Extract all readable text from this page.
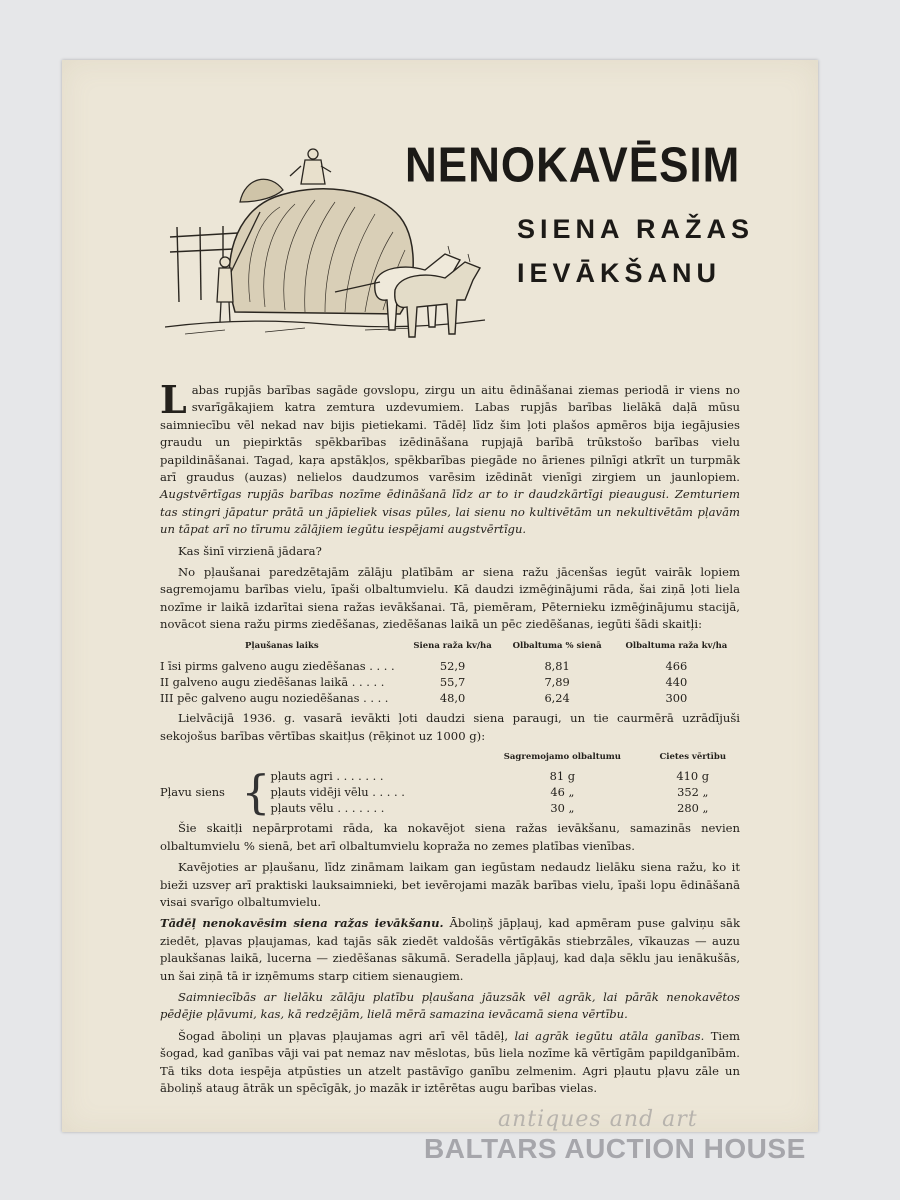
NENOKAVĒSIM
SIENA RAŽAS
IEVĀKŠANU

Labas rupjās barības sagāde govslopu, zirgu un aitu ēdināšanai ziemas periodā ir viens no svarīgākajiem katra zemtura uzdevumiem. Labas rupjās barības lielākā daļā mūsu saimniecību vēl nekad nav bijis pietiekami. Tādēļ līdz šim ļoti plašos apmēros bija iegājusies graudu un piepirktās spēkbarības izēdināšana rupjajā barībā trūkstošo barības vielu papildināšanai. Tagad, kaŗa apstākļos, spēkbarības piegāde no ārienes pilnīgi atkrīt un turpmāk arī graudus (auzas) nelielos daudzumos varēsim izēdināt vienīgi zirgiem un jaunlopiem. Augstvērtīgas rupjās barības nozīme ēdināšanā līdz ar to ir daudzkārtīgi pieaugusi. Zemturiem tas stingri jāpatur prātā un jāpieliek visas pūles, lai sienu no kultivētām un nekultivētām pļavām un tāpat arī no tīrumu zālājiem iegūtu iespējami augstvērtīgu.

Kas šinī virzienā jādara?

No pļaušanai paredzētajām zālāju platībām ar siena ražu jācenšas iegūt vairāk lopiem sagremojamu barības vielu, īpaši olbaltumvielu. Kā daudzi izmēģinājumi rāda, šai ziņā ļoti liela nozīme ir laikā izdarītai siena ražas ievākšanai. Tā, piemēram, Pēternieku izmēģinājumu stacijā, novācot siena ražu pirms ziedēšanas, ziedēšanas laikā un pēc ziedēšanas, iegūti šādi skaitļi:

Pļaušanas laiks	Siena raža kv/ha	Olbaltuma % sienā	Olbaltuma raža kv/ha
I īsi pirms galveno augu ziedēšanas . . . .	52,9	8,81	466
II galveno augu ziedēšanas laikā . . . . .	55,7	7,89	440
III pēc galveno augu noziedēšanas . . . .	48,0	6,24	300

Lielvācijā 1936. g. vasarā ievākti ļoti daudzi siena paraugi, un tie caurmērā uzrādījuši sekojošus barības vērtības skaitļus (rēķinot uz 1000 g):

			Sagremojamo olbaltumu	Cietes vērtību
Pļavu siens	{	pļauts agri . . . . . . .	81 g	410 g
		pļauts vidēji vēlu . . . . .	46 „	352 „
		pļauts vēlu . . . . . . .	30 „	280 „

Šie skaitļi nepārprotami rāda, ka nokavējot siena ražas ievākšanu, samazinās nevien olbaltumvielu % sienā, bet arī olbaltumvielu kopraža no zemes platības vienības.

Kavējoties ar pļaušanu, līdz zināmam laikam gan iegūstam nedaudz lielāku siena ražu, ko it bieži uzsveŗ arī praktiski lauksaimnieki, bet ievērojami mazāk barības vielu, īpaši lopu ēdināšanā visai svarīgo olbaltumvielu.

Tādēļ nenokavēsim siena ražas ievākšanu. Āboliņš jāpļauj, kad apmēram puse galviņu sāk ziedēt, pļavas pļaujamas, kad tajās sāk ziedēt valdošās vērtīgākās stiebrzāles, vīkauzas — auzu plaukšanas laikā, lucerna — ziedēšanas sākumā. Seradella jāpļauj, kad daļa sēklu jau ienākušās, un šai ziņā tā ir izņēmums starp citiem sienaugiem.

Saimniecībās ar lielāku zālāju platību pļaušana jāuzsāk vēl agrāk, lai pārāk nenokavētos pēdējie pļāvumi, kas, kā redzējām, lielā mērā samazina ievācamā siena vērtību.

Šogad āboliņi un pļavas pļaujamas agri arī vēl tādēļ, lai agrāk iegūtu atāla ganības. Tiem šogad, kad ganības vāji vai pat nemaz nav mēslotas, būs liela nozīme kā vērtīgām papildganībām. Tā tiks dota iespēja atpūsties un atzelt pastāvīgo ganību zelmenim. Agri pļautu pļavu zāle un āboliņš ataug ātrāk un spēcīgāk, jo mazāk ir iztērētas augu barības vielas.

antiques and art
BALTARS AUCTION HOUSE
